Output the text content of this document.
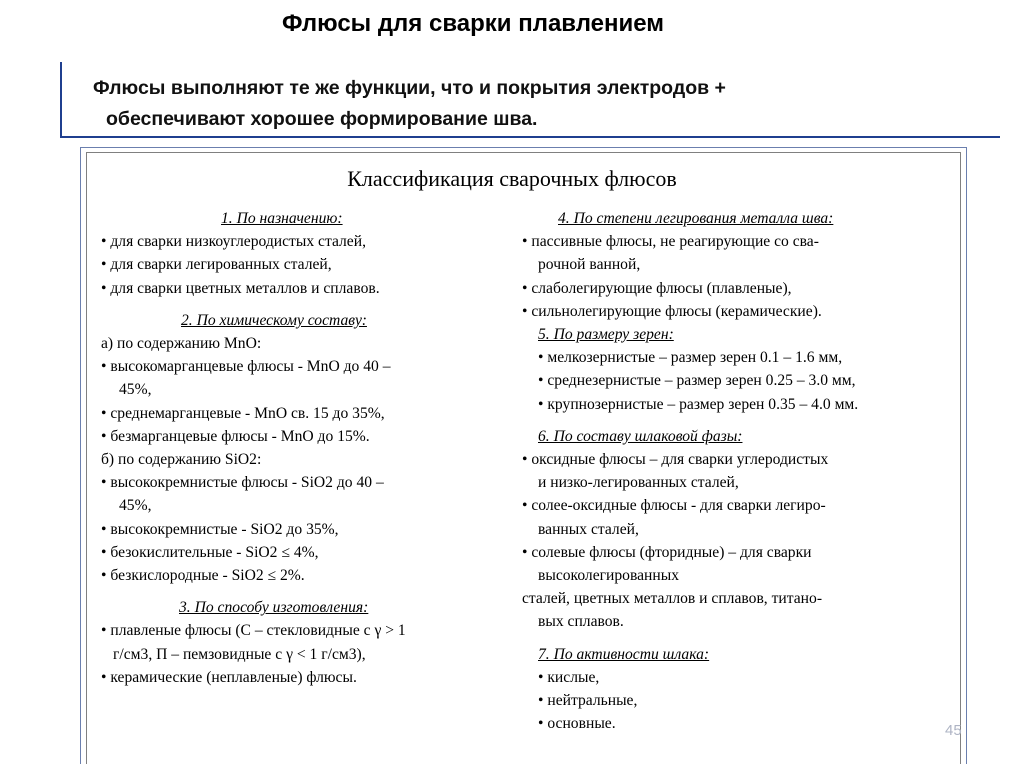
Флюсы для сварки плавлением
Флюсы выполняют те же функции, что и покрытия электродов +
обеспечивают хорошее формирование шва.
Классификация сварочных флюсов
1. По назначению:
• для сварки низкоуглеродистых сталей,
• для сварки легированных сталей,
• для сварки цветных металлов и сплавов.
2. По химическому составу:
а) по содержанию MnO:
• высокомарганцевые флюсы - MnO до 40 –
45%,
• среднемарганцевые - MnO св. 15 до 35%,
• безмарганцевые флюсы - MnO до 15%.
б) по содержанию SiO2:
• высококремнистые флюсы - SiO2 до 40 –
45%,
• высококремнистые - SiO2 до 35%,
• безокислительные - SiO2 ≤ 4%,
• безкислородные - SiO2 ≤ 2%.
3. По способу изготовления:
• плавленые флюсы (С – стекловидные с γ > 1
г/см3, П – пемзовидные с γ < 1 г/см3),
• керамические (неплавленые) флюсы.
4. По степени легирования металла шва:
• пассивные флюсы, не реагирующие со сва-
рочной ванной,
• слаболегирующие флюсы (плавленые),
• сильнолегирующие флюсы (керамические).
5. По размеру зерен:
• мелкозернистые – размер зерен 0.1 – 1.6 мм,
• среднезернистые – размер зерен 0.25 – 3.0 мм,
• крупнозернистые – размер зерен 0.35 – 4.0 мм.
6. По составу шлаковой фазы:
• оксидные флюсы – для сварки углеродистых
и низко-легированных сталей,
• солее-оксидные флюсы - для сварки легиро-
ванных сталей,
• солевые флюсы (фторидные) – для сварки
высоколегированных
сталей, цветных металлов и сплавов, титано-
вых сплавов.
7. По активности шлака:
• кислые,
• нейтральные,
• основные.	45
